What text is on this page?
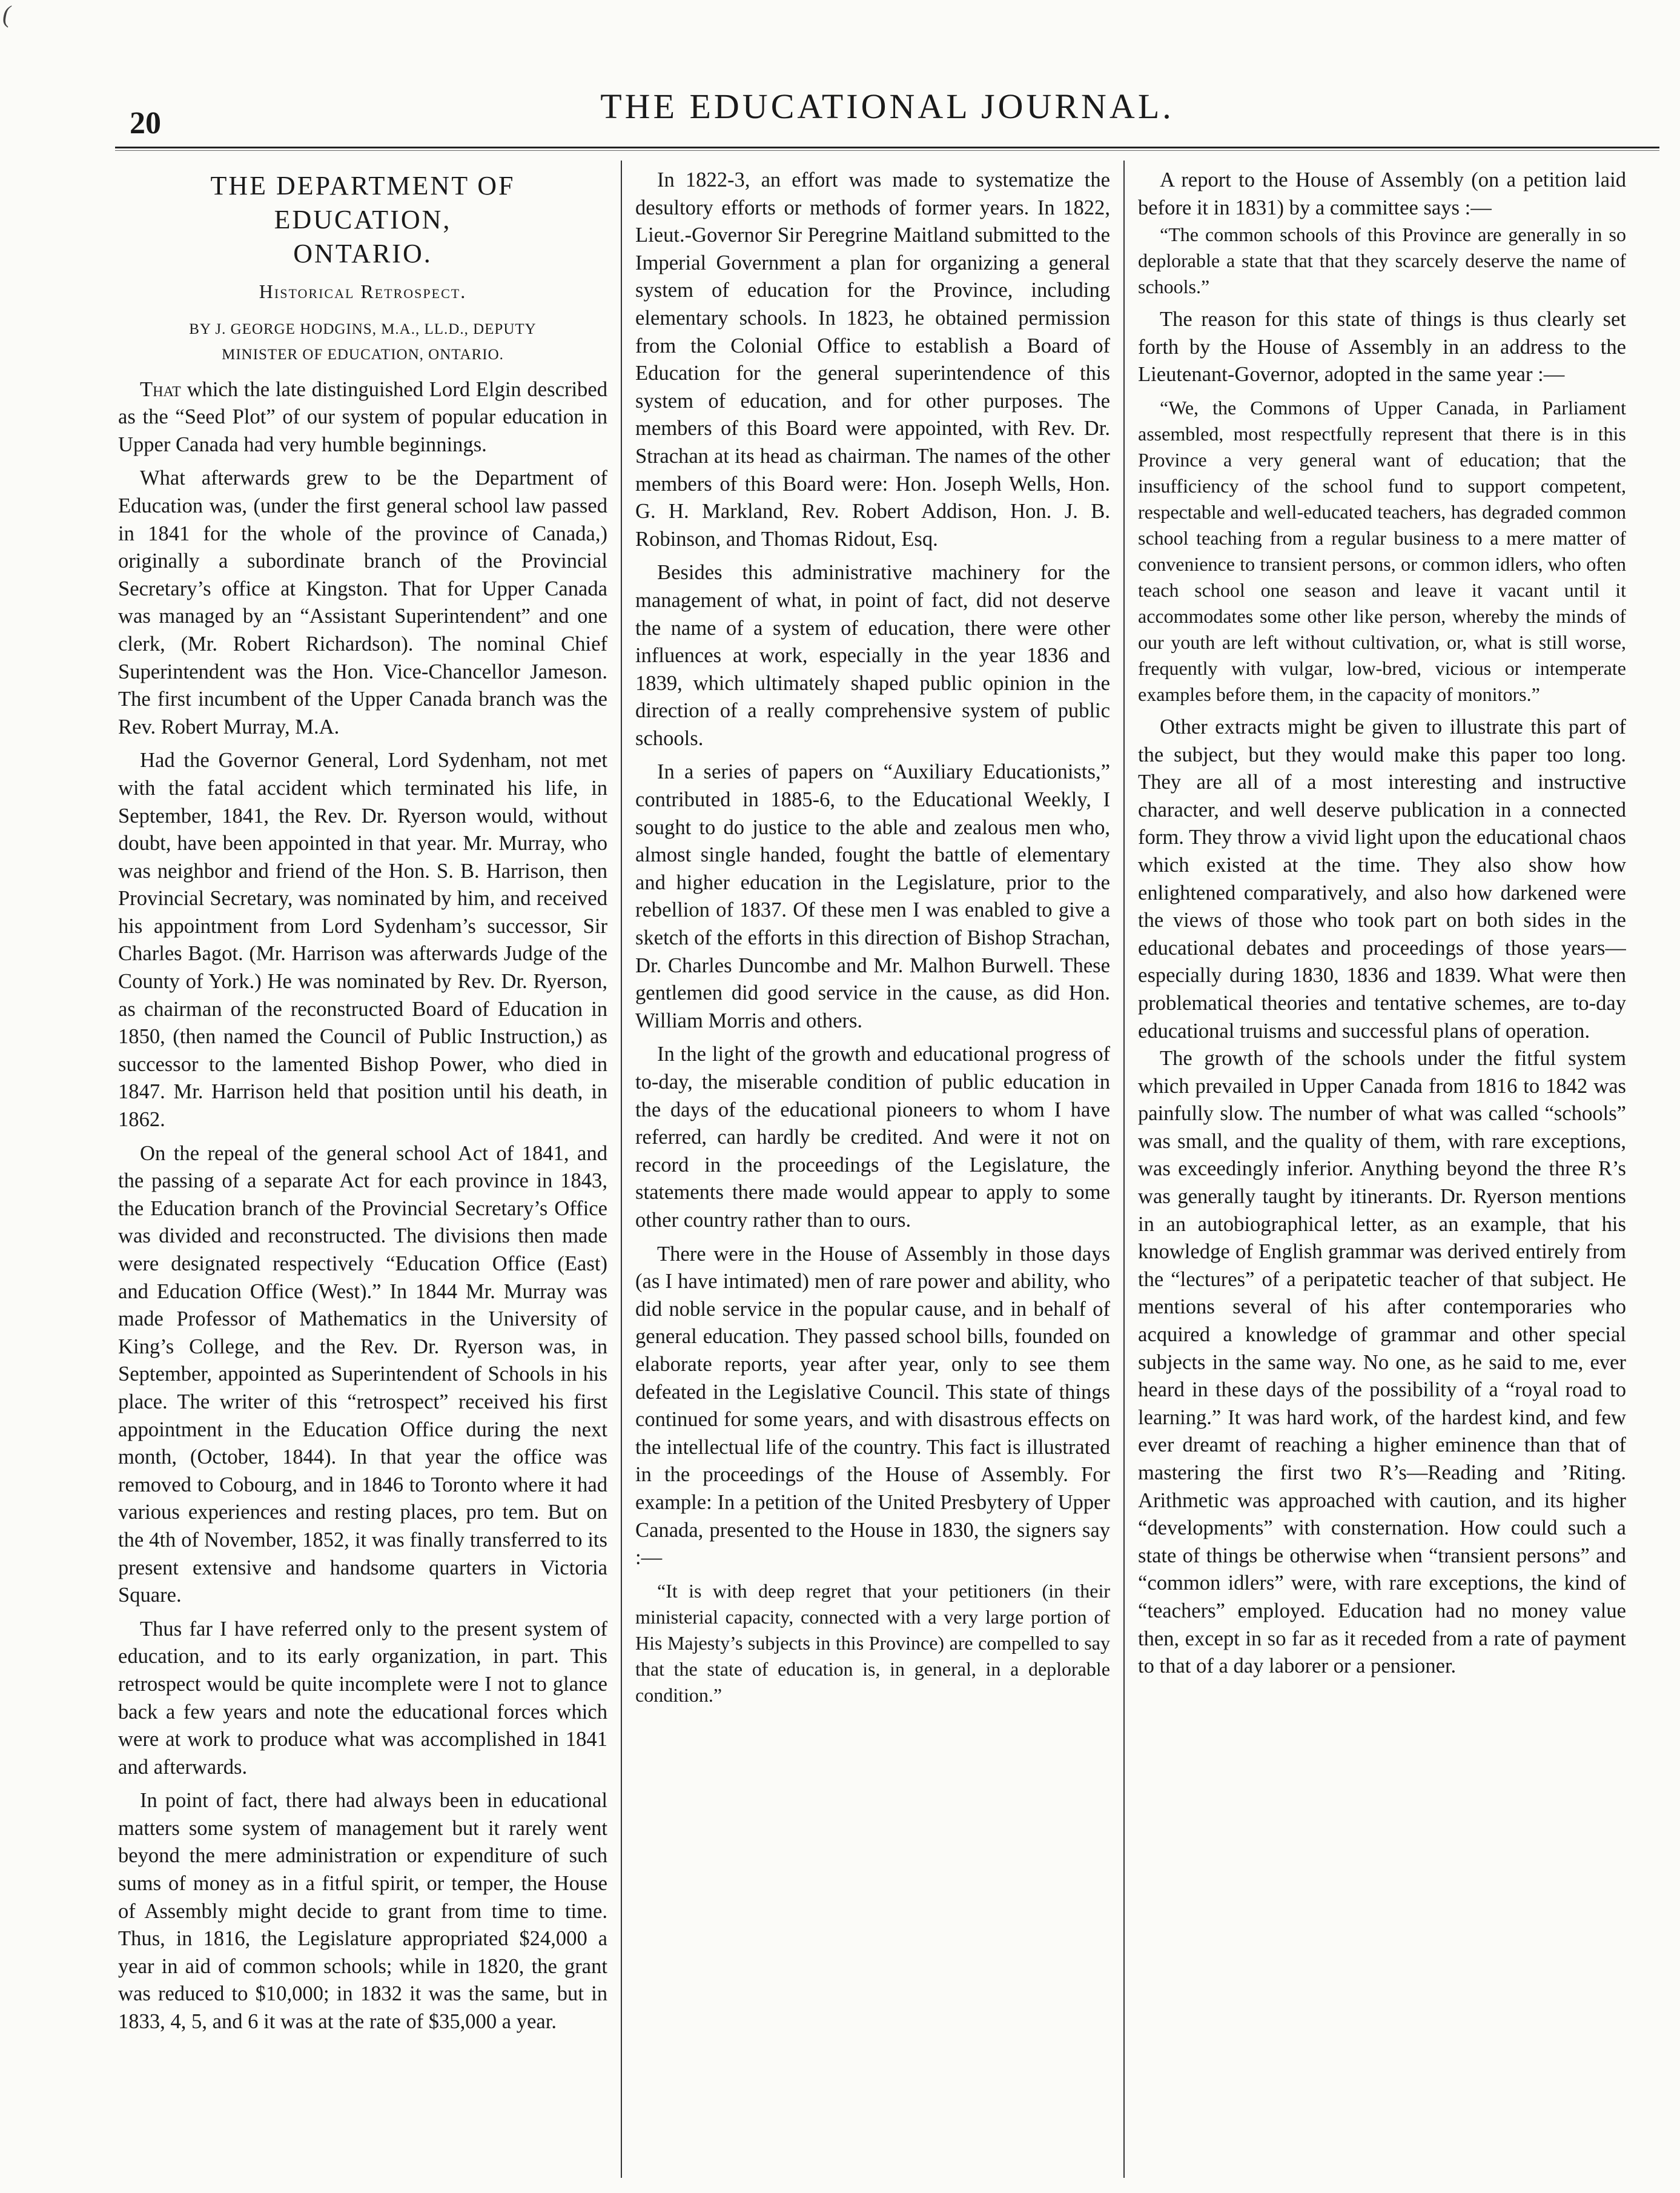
(
20	THE EDUCATIONAL JOURNAL.
THE DEPARTMENT OF EDUCATION,
ONTARIO.
Historical Retrospect.
BY J. GEORGE HODGINS, M.A., LL.D., DEPUTY
MINISTER OF EDUCATION, ONTARIO.

That which the late distinguished Lord Elgin described as the “Seed Plot” of our system of popular education in Upper Canada had very humble beginnings.

What afterwards grew to be the Department of Education was, (under the first general school law passed in 1841 for the whole of the province of Canada,) originally a subordinate branch of the Provincial Secretary’s office at Kingston. That for Upper Canada was managed by an “Assistant Superintendent” and one clerk, (Mr. Robert Richardson). The nominal Chief Superintendent was the Hon. Vice-Chancellor Jameson. The first incumbent of the Upper Canada branch was the Rev. Robert Murray, M.A.

Had the Governor General, Lord Sydenham, not met with the fatal accident which terminated his life, in September, 1841, the Rev. Dr. Ryerson would, without doubt, have been appointed in that year. Mr. Murray, who was neighbor and friend of the Hon. S. B. Harrison, then Provincial Secretary, was nominated by him, and received his appointment from Lord Sydenham’s successor, Sir Charles Bagot. (Mr. Harrison was afterwards Judge of the County of York.) He was nominated by Rev. Dr. Ryerson, as chairman of the reconstructed Board of Education in 1850, (then named the Council of Public Instruction,) as successor to the lamented Bishop Power, who died in 1847. Mr. Harrison held that position until his death, in 1862.

On the repeal of the general school Act of 1841, and the passing of a separate Act for each province in 1843, the Education branch of the Provincial Secretary’s Office was divided and reconstructed. The divisions then made were designated respectively “Education Office (East) and Education Office (West).” In 1844 Mr. Murray was made Professor of Mathematics in the University of King’s College, and the Rev. Dr. Ryerson was, in September, appointed as Superintendent of Schools in his place. The writer of this “retrospect” received his first appointment in the Education Office during the next month, (October, 1844). In that year the office was removed to Cobourg, and in 1846 to Toronto where it had various experiences and resting places, pro tem. But on the 4th of November, 1852, it was finally transferred to its present extensive and handsome quarters in Victoria Square.

Thus far I have referred only to the present system of education, and to its early organization, in part. This retrospect would be quite incomplete were I not to glance back a few years and note the educational forces which were at work to produce what was accomplished in 1841 and afterwards.

In point of fact, there had always been in educational matters some system of management but it rarely went beyond the mere administration or expenditure of such sums of money as in a fitful spirit, or temper, the House of Assembly might decide to grant from time to time. Thus, in 1816, the Legislature appropriated $24,000 a year in aid of common schools; while in 1820, the grant was reduced to $10,000; in 1832 it was the same, but in 1833, 4, 5, and 6 it was at the rate of $35,000 a year.

In 1822-3, an effort was made to systematize the desultory efforts or methods of former years. In 1822, Lieut.-Governor Sir Peregrine Maitland submitted to the Imperial Government a plan for organizing a general system of education for the Province, including elementary schools. In 1823, he obtained permission from the Colonial Office to establish a Board of Education for the general superintendence of this system of education, and for other purposes. The members of this Board were appointed, with Rev. Dr. Strachan at its head as chairman. The names of the other members of this Board were: Hon. Joseph Wells, Hon. G. H. Markland, Rev. Robert Addison, Hon. J. B. Robinson, and Thomas Ridout, Esq.

Besides this administrative machinery for the management of what, in point of fact, did not deserve the name of a system of education, there were other influences at work, especially in the year 1836 and 1839, which ultimately shaped public opinion in the direction of a really comprehensive system of public schools.

In a series of papers on “Auxiliary Educationists,” contributed in 1885-6, to the Educational Weekly, I sought to do justice to the able and zealous men who, almost single handed, fought the battle of elementary and higher education in the Legislature, prior to the rebellion of 1837. Of these men I was enabled to give a sketch of the efforts in this direction of Bishop Strachan, Dr. Charles Duncombe and Mr. Malhon Burwell. These gentlemen did good service in the cause, as did Hon. William Morris and others.

In the light of the growth and educational progress of to-day, the miserable condition of public education in the days of the educational pioneers to whom I have referred, can hardly be credited. And were it not on record in the proceedings of the Legislature, the statements there made would appear to apply to some other country rather than to ours.

There were in the House of Assembly in those days (as I have intimated) men of rare power and ability, who did noble service in the popular cause, and in behalf of general education. They passed school bills, founded on elaborate reports, year after year, only to see them defeated in the Legislative Council. This state of things continued for some years, and with disastrous effects on the intellectual life of the country. This fact is illustrated in the proceedings of the House of Assembly. For example: In a petition of the United Presbytery of Upper Canada, presented to the House in 1830, the signers say :—

“It is with deep regret that your petitioners (in their ministerial capacity, connected with a very large portion of His Majesty’s subjects in this Province) are compelled to say that the state of education is, in general, in a deplorable condition.”

A report to the House of Assembly (on a petition laid before it in 1831) by a committee says :—

“The common schools of this Province are generally in so deplorable a state that that they scarcely deserve the name of schools.”

The reason for this state of things is thus clearly set forth by the House of Assembly in an address to the Lieutenant-Governor, adopted in the same year :—

“We, the Commons of Upper Canada, in Parliament assembled, most respectfully represent that there is in this Province a very general want of education; that the insufficiency of the school fund to support competent, respectable and well-educated teachers, has degraded common school teaching from a regular business to a mere matter of convenience to transient persons, or common idlers, who often teach school one season and leave it vacant until it accommodates some other like person, whereby the minds of our youth are left without cultivation, or, what is still worse, frequently with vulgar, low-bred, vicious or intemperate examples before them, in the capacity of monitors.”

Other extracts might be given to illustrate this part of the subject, but they would make this paper too long. They are all of a most interesting and instructive character, and well deserve publication in a connected form. They throw a vivid light upon the educational chaos which existed at the time. They also show how enlightened comparatively, and also how darkened were the views of those who took part on both sides in the educational debates and proceedings of those years—especially during 1830, 1836 and 1839. What were then problematical theories and tentative schemes, are to-day educational truisms and successful plans of operation.

The growth of the schools under the fitful system which prevailed in Upper Canada from 1816 to 1842 was painfully slow. The number of what was called “schools” was small, and the quality of them, with rare exceptions, was exceedingly inferior. Anything beyond the three R’s was generally taught by itinerants. Dr. Ryerson mentions in an autobiographical letter, as an example, that his knowledge of English grammar was derived entirely from the “lectures” of a peripatetic teacher of that subject. He mentions several of his after contemporaries who acquired a knowledge of grammar and other special subjects in the same way. No one, as he said to me, ever heard in these days of the possibility of a “royal road to learning.” It was hard work, of the hardest kind, and few ever dreamt of reaching a higher eminence than that of mastering the first two R’s—Reading and ’Riting. Arithmetic was approached with caution, and its higher “developments” with consternation. How could such a state of things be otherwise when “transient persons” and “common idlers” were, with rare exceptions, the kind of “teachers” employed. Education had no money value then, except in so far as it receded from a rate of payment to that of a day laborer or a pensioner.
